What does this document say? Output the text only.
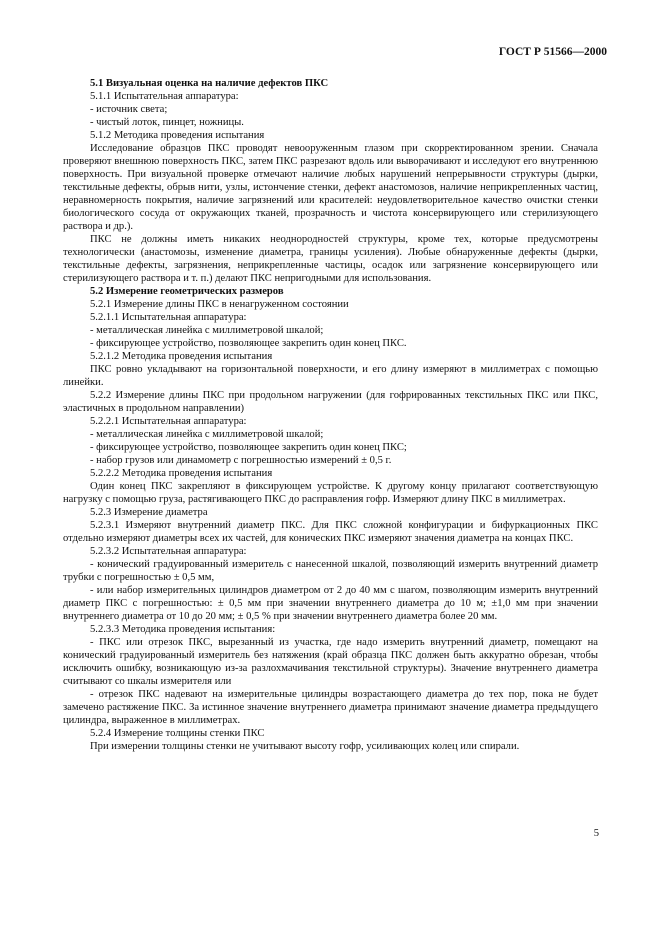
ГОСТ Р 51566—2000

5.1 Визуальная оценка на наличие дефектов ПКС

5.1.1 Испытательная аппаратура:

- источник света;

- чистый лоток, пинцет, ножницы.

5.1.2 Методика проведения испытания

Исследование образцов ПКС проводят невооруженным глазом при скорректированном зрении. Сначала проверяют внешнюю поверхность ПКС, затем ПКС разрезают вдоль или выворачивают и исследуют его внутреннюю поверхность. При визуальной проверке отмечают наличие любых нарушений непрерывности структуры (дырки, текстильные дефекты, обрыв нити, узлы, истончение стенки, дефект анастомозов, наличие неприкрепленных частиц, неравномерность покрытия, наличие загрязнений или красителей: неудовлетворительное качество очистки стенки биологического сосуда от окружающих тканей, прозрачность и чистота консервирующего или стерилизующего раствора и др.).

ПКС не должны иметь никаких неоднородностей структуры, кроме тех, которые предусмотрены технологически (анастомозы, изменение диаметра, границы усиления). Любые обнаруженные дефекты (дырки, текстильные дефекты, загрязнения, неприкрепленные частицы, осадок или загрязнение консервирующего или стерилизующего раствора и т. п.) делают ПКС непригодными для использования.

5.2 Измерение геометрических размеров

5.2.1 Измерение длины ПКС в ненагруженном состоянии

5.2.1.1 Испытательная аппаратура:

- металлическая линейка с миллиметровой шкалой;

- фиксирующее устройство, позволяющее закрепить один конец ПКС.

5.2.1.2 Методика проведения испытания

ПКС ровно укладывают на горизонтальной поверхности, и его длину измеряют в миллиметрах с помощью линейки.

5.2.2 Измерение длины ПКС при продольном нагружении (для гофрированных текстильных ПКС или ПКС, эластичных в продольном направлении)

5.2.2.1 Испытательная аппаратура:

- металлическая линейка с миллиметровой шкалой;

- фиксирующее устройство, позволяющее закрепить один конец ПКС;

- набор грузов или динамометр с погрешностью измерений ± 0,5 г.

5.2.2.2 Методика проведения испытания

Один конец ПКС закрепляют в фиксирующем устройстве. К другому концу прилагают соответствующую нагрузку с помощью груза, растягивающего ПКС до расправления гофр. Измеряют длину ПКС в миллиметрах.

5.2.3 Измерение диаметра

5.2.3.1 Измеряют внутренний диаметр ПКС. Для ПКС сложной конфигурации и бифуркационных ПКС отдельно измеряют диаметры всех их частей, для конических ПКС измеряют значения диаметра на концах ПКС.

5.2.3.2 Испытательная аппаратура:

- конический градуированный измеритель с нанесенной шкалой, позволяющий измерить внутренний диаметр трубки с погрешностью ± 0,5 мм,

- или набор измерительных цилиндров диаметром от 2 до 40 мм с шагом, позволяющим измерить внутренний диаметр ПКС с погрешностью: ± 0,5 мм при значении внутреннего диаметра до 10 м; ±1,0 мм при значении внутреннего диаметра от 10 до 20 мм; ± 0,5 % при значении внутреннего диаметра более 20 мм.

5.2.3.3 Методика проведения испытания:

- ПКС или отрезок ПКС, вырезанный из участка, где надо измерить внутренний диаметр, помещают на конический градуированный измеритель без натяжения (край образца ПКС должен быть аккуратно обрезан, чтобы исключить ошибку, возникающую из-за разлохмачивания текстильной структуры). Значение внутреннего диаметра считывают со шкалы измерителя или

- отрезок ПКС надевают на измерительные цилиндры возрастающего диаметра до тех пор, пока не будет замечено растяжение ПКС. За истинное значение внутреннего диаметра принимают значение диаметра предыдущего цилиндра, выраженное в миллиметрах.

5.2.4 Измерение толщины стенки ПКС

При измерении толщины стенки не учитывают высоту гофр, усиливающих колец или спирали.

5
